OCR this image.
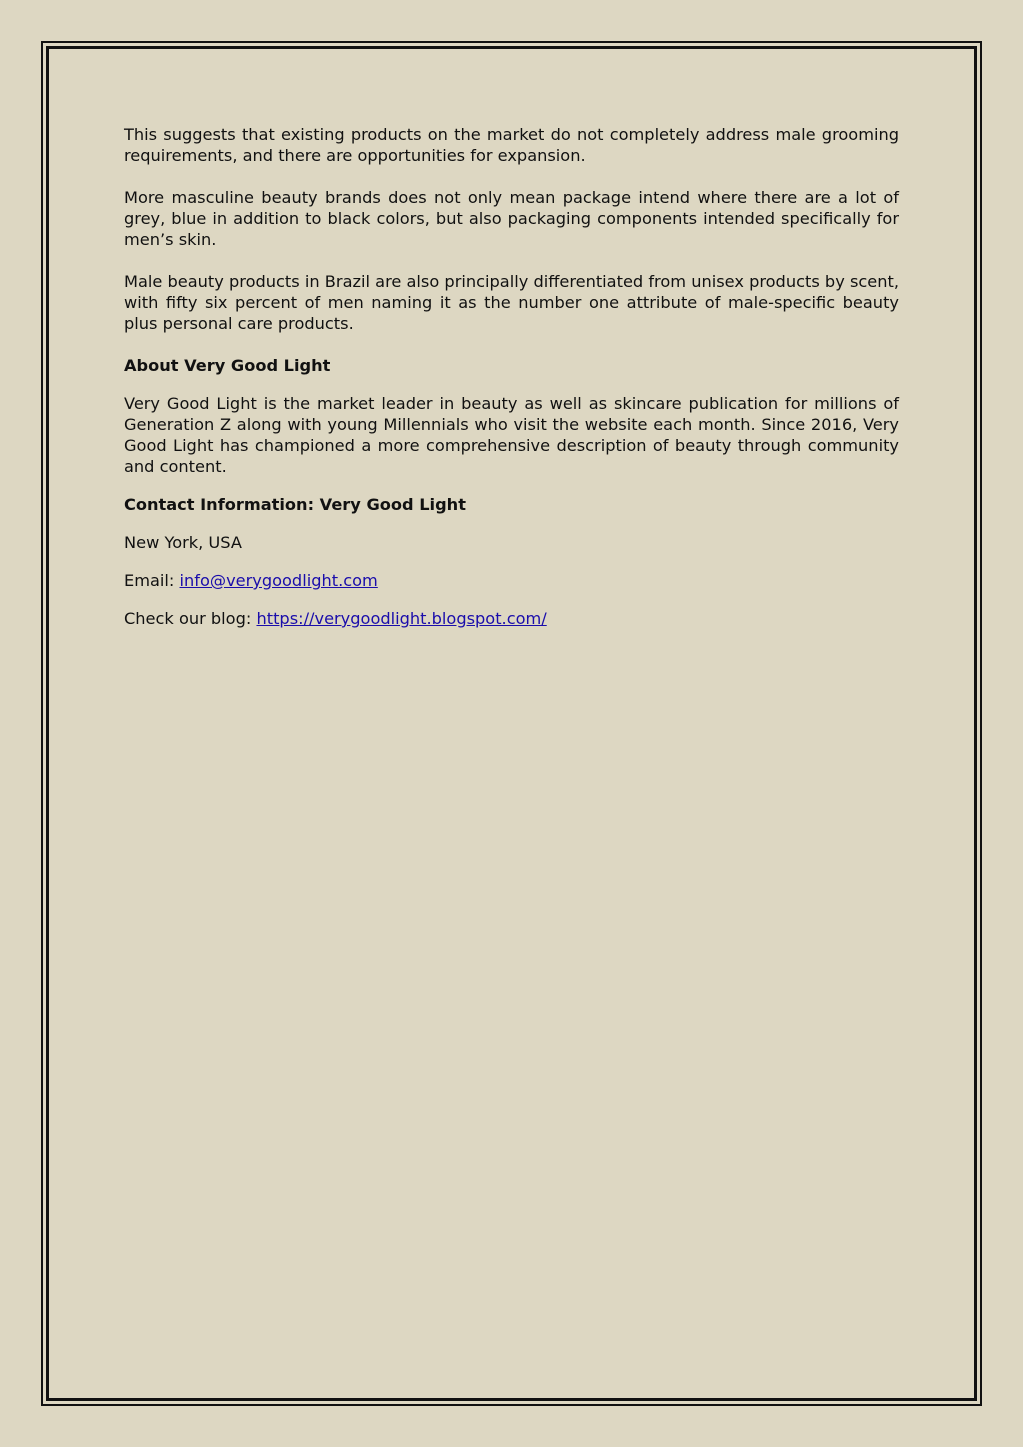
This suggests that existing products on the market do not completely address male grooming requirements, and there are opportunities for expansion.

More masculine beauty brands does not only mean package intend where there are a lot of grey, blue in addition to black colors, but also packaging components intended specifically for men’s skin.

Male beauty products in Brazil are also principally differentiated from unisex products by scent, with fifty six percent of men naming it as the number one attribute of male-specific beauty plus personal care products.

About Very Good Light

Very Good Light is the market leader in beauty as well as skincare publication for millions of Generation Z along with young Millennials who visit the website each month. Since 2016, Very Good Light has championed a more comprehensive description of beauty through community and content.

Contact Information: Very Good Light

New York, USA

Email: info@verygoodlight.com

Check our blog: https://verygoodlight.blogspot.com/
